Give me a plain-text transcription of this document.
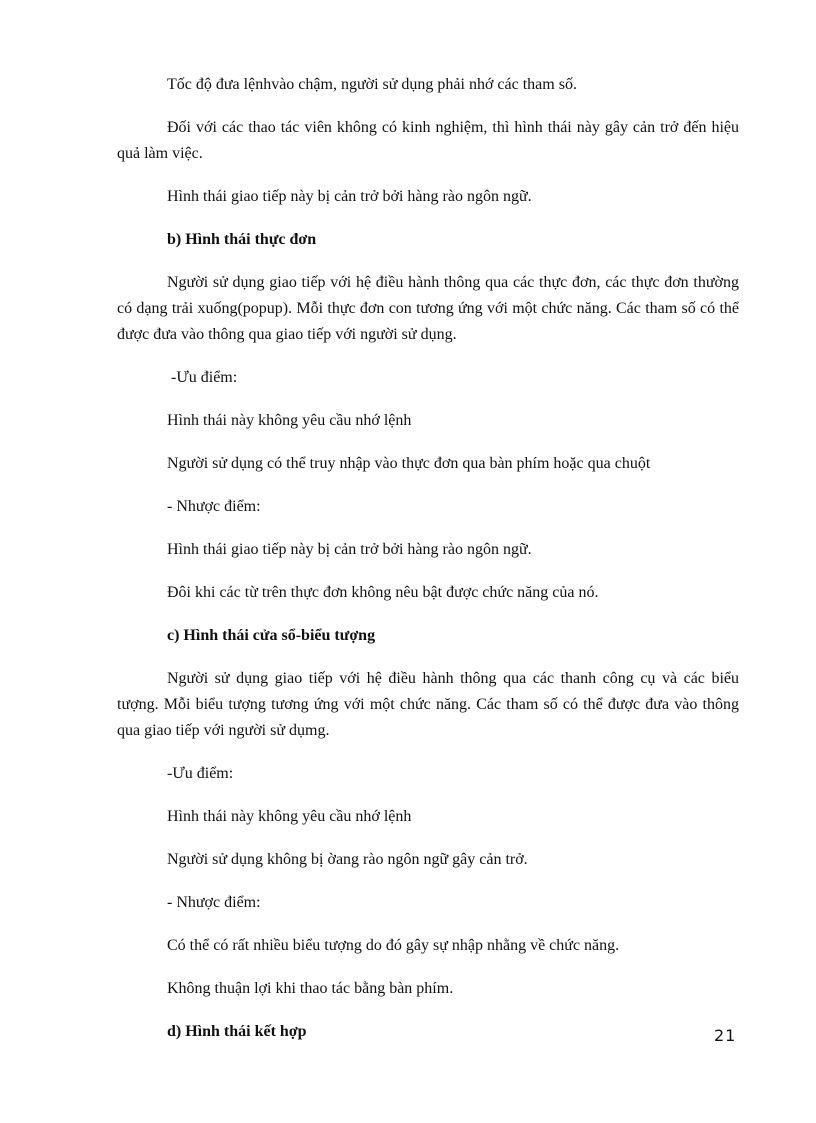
Tốc độ đưa lệnhvào chậm, người sử dụng phải nhớ các tham số.

Đối với các thao tác viên không có kinh nghiệm, thì hình thái này gây cản trở đến hiệu quả làm việc.

Hình thái giao tiếp này bị cản trở bởi hàng rào ngôn ngữ.

b) Hình thái thực đơn

Người sử dụng giao tiếp với hệ điều hành thông qua các thực đơn, các thực đơn thường có dạng trải xuống(popup). Mỗi thực đơn con tương ứng với một chức năng. Các tham số có thể được đưa vào thông qua giao tiếp với người sử dụng.

-Ưu điểm:

Hình thái này không yêu cầu nhớ lệnh

Người sử dụng có thể truy nhập vào thực đơn qua bàn phím hoặc qua chuột

- Nhược điểm:

Hình thái giao tiếp này bị cản trở bởi hàng rào ngôn ngữ.

Đôi khi các từ trên thực đơn không nêu bật được chức năng của nó.

c) Hình thái cửa sổ-biểu tượng

Người sử dụng giao tiếp với hệ điều hành thông qua các thanh công cụ và các biểu tượng. Mỗi biểu tượng tương ứng với một chức năng. Các tham số có thể được đưa vào thông qua giao tiếp với người sử dụmg.

-Ưu điểm:

Hình thái này không yêu cầu nhớ lệnh

Người sử dụng không bị ờang rào ngôn ngữ gây cản trở.

- Nhược điểm:

Có thể có rất nhiều biểu tượng do đó gây sự nhập nhằng về chức năng.

Không thuận lợi khi thao tác bằng bàn phím.

d) Hình thái kết hợp	21
